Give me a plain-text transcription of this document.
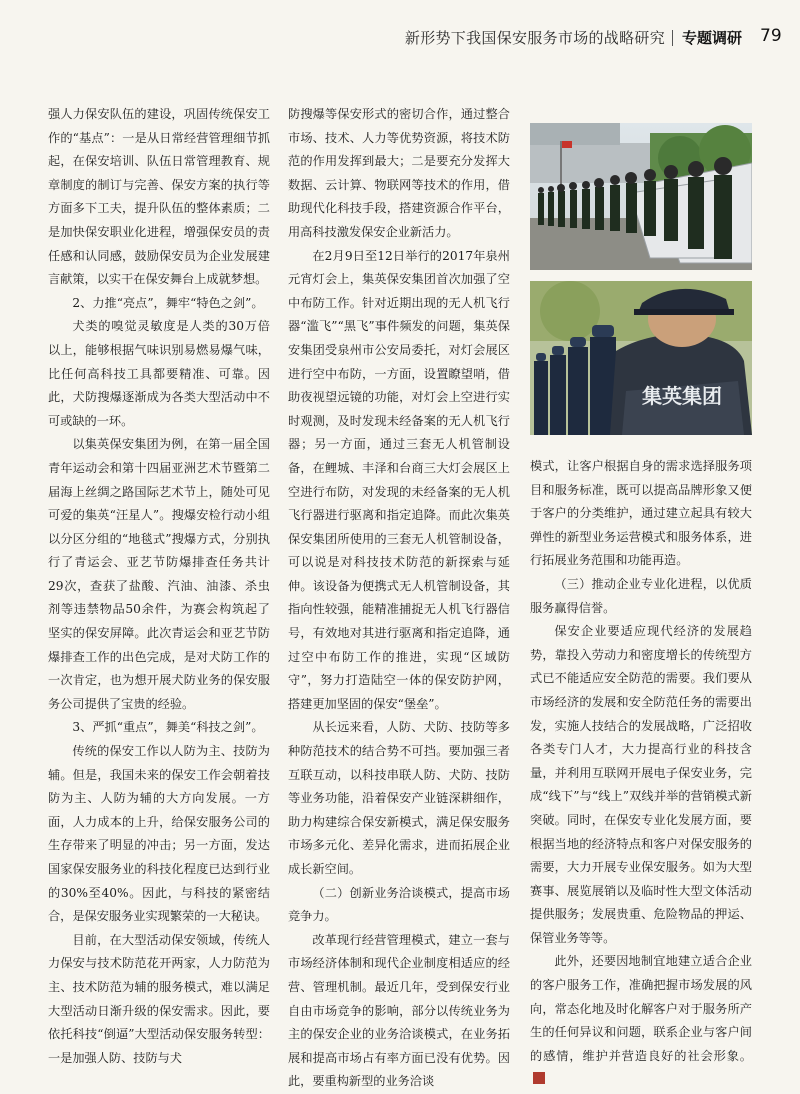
新形势下我国保安服务市场的战略研究 专题调研 79

强人力保安队伍的建设，巩固传统保安工作的“基点”：一是从日常经营管理细节抓起，在保安培训、队伍日常管理教育、规章制度的制订与完善、保安方案的执行等方面多下工夫，提升队伍的整体素质；二是加快保安职业化进程，增强保安员的责任感和认同感，鼓励保安员为企业发展建言献策，以实干在保安舞台上成就梦想。

2、力推“亮点”，舞牢“特色之剑”。

犬类的嗅觉灵敏度是人类的30万倍以上，能够根据气味识别易燃易爆气味，比任何高科技工具都要精准、可靠。因此，犬防搜爆逐渐成为各类大型活动中不可或缺的一环。

以集英保安集团为例，在第一届全国青年运动会和第十四届亚洲艺术节暨第二届海上丝绸之路国际艺术节上，随处可见可爱的集英“汪星人”。搜爆安检行动小组以分区分组的“地毯式”搜爆方式，分别执行了青运会、亚艺节防爆排查任务共计29次，查获了盐酸、汽油、油漆、杀虫剂等违禁物品50余件，为赛会构筑起了坚实的保安屏障。此次青运会和亚艺节防爆排查工作的出色完成，是对犬防工作的一次肯定，也为想开展犬防业务的保安服务公司提供了宝贵的经验。

3、严抓“重点”，舞美“科技之剑”。

传统的保安工作以人防为主、技防为辅。但是，我国未来的保安工作会朝着技防为主、人防为辅的大方向发展。一方面，人力成本的上升，给保安服务公司的生存带来了明显的冲击；另一方面，发达国家保安服务业的科技化程度已达到行业的30%至40%。因此，与科技的紧密结合，是保安服务业实现繁荣的一大秘诀。

目前，在大型活动保安领域，传统人力保安与技术防范花开两家，人力防范为主、技术防范为辅的服务模式，难以满足大型活动日渐升级的保安需求。因此，要依托科技“倒逼”大型活动保安服务转型：一是加强人防、技防与犬

防搜爆等保安形式的密切合作，通过整合市场、技术、人力等优势资源，将技术防范的作用发挥到最大；二是要充分发挥大数据、云计算、物联网等技术的作用，借助现代化科技手段，搭建资源合作平台，用高科技激发保安企业新活力。

在2月9日至12日举行的2017年泉州元宵灯会上，集英保安集团首次加强了空中布防工作。针对近期出现的无人机飞行器“滥飞”“黑飞”事件频发的问题，集英保安集团受泉州市公安局委托，对灯会展区进行空中布防，一方面，设置瞭望哨，借助夜视望远镜的功能，对灯会上空进行实时观测，及时发现未经备案的无人机飞行器；另一方面，通过三套无人机管制设备，在鲤城、丰泽和台商三大灯会展区上空进行布防，对发现的未经备案的无人机飞行器进行驱离和指定追降。而此次集英保安集团所使用的三套无人机管制设备，可以说是对科技技术防范的新探索与延伸。该设备为便携式无人机管制设备，其指向性较强，能精准捕捉无人机飞行器信号，有效地对其进行驱离和指定追降，通过空中布防工作的推进，实现“区域防守”，努力打造陆空一体的保安防护网，搭建更加坚固的保安“堡垒”。

从长远来看，人防、犬防、技防等多种防范技术的结合势不可挡。要加强三者互联互动，以科技串联人防、犬防、技防等业务功能，沿着保安产业链深耕细作，助力构建综合保安新模式，满足保安服务市场多元化、差异化需求，进而拓展企业成长新空间。

（二）创新业务洽谈模式，提高市场竞争力。

改革现行经营管理模式，建立一套与市场经济体制和现代企业制度相适应的经营、管理机制。最近几年，受到保安行业自由市场竞争的影响，部分以传统业务为主的保安企业的业务洽谈模式，在业务拓展和提高市场占有率方面已没有优势。因此，要重构新型的业务洽谈

集英集团

模式，让客户根据自身的需求选择服务项目和服务标准，既可以提高品牌形象又便于客户的分类维护，通过建立起具有较大弹性的新型业务运营模式和服务体系，进行拓展业务范围和功能再造。

（三）推动企业专业化进程，以优质服务赢得信誉。

保安企业要适应现代经济的发展趋势，靠投入劳动力和密度增长的传统型方式已不能适应安全防范的需要。我们要从市场经济的发展和安全防范任务的需要出发，实施人技结合的发展战略，广泛招收各类专门人才，大力提高行业的科技含量，并利用互联网开展电子保安业务，完成“线下”与“线上”双线并举的营销模式新突破。同时，在保安专业化发展方面，要根据当地的经济特点和客户对保安服务的需要，大力开展专业保安服务。如为大型赛事、展览展销以及临时性大型文体活动提供服务；发展贵重、危险物品的押运、保管业务等等。

此外，还要因地制宜地建立适合企业的客户服务工作，准确把握市场发展的风向，常态化地及时化解客户对于服务所产生的任何异议和问题，联系企业与客户间的感情，维护并营造良好的社会形象。
